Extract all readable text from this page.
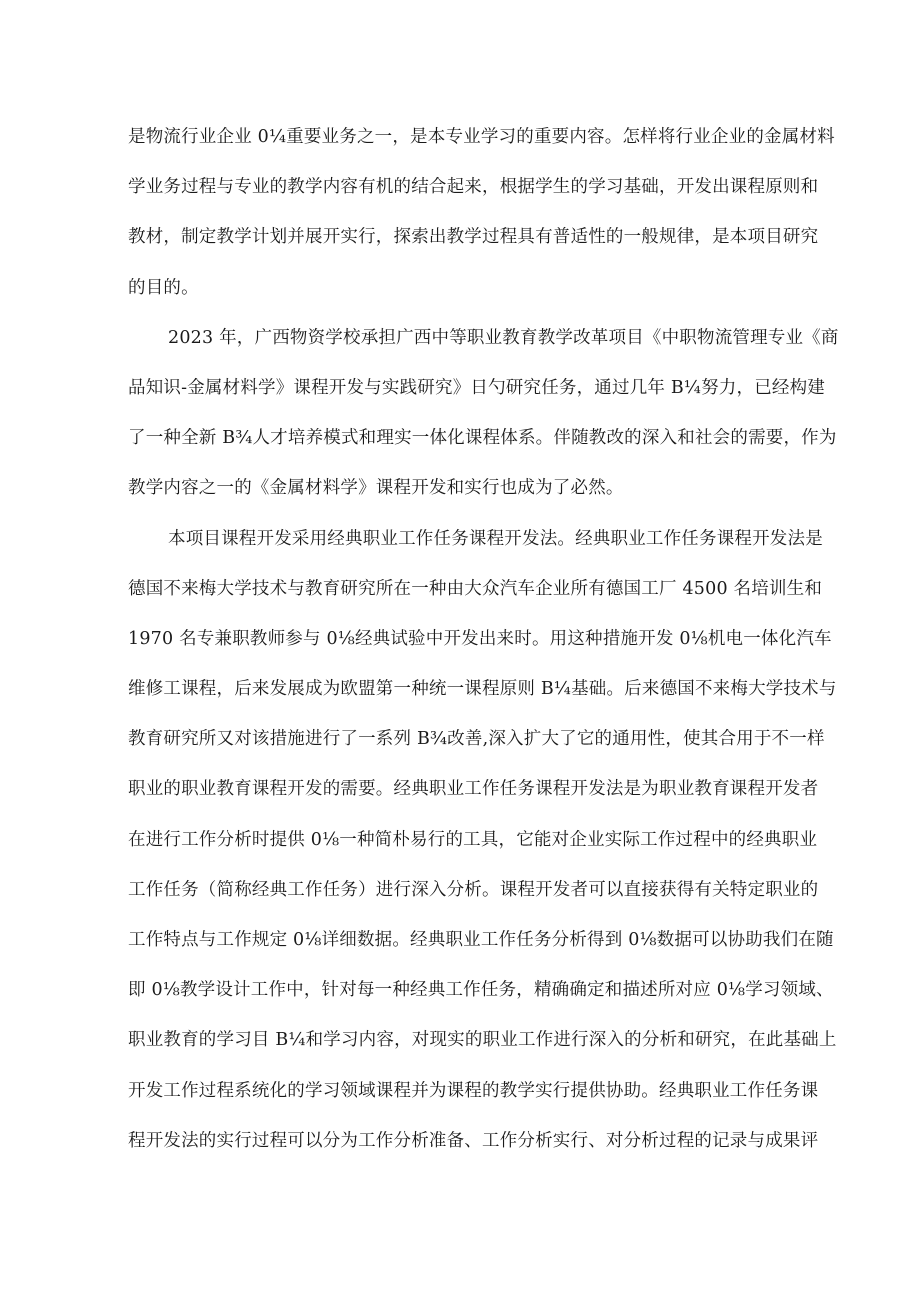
是物流行业企业 0¼重要业务之一，是本专业学习的重要内容。怎样将行业企业的金属材料
学业务过程与专业的教学内容有机的结合起来，根据学生的学习基础，开发出课程原则和
教材，制定教学计划并展开实行，探索出教学过程具有普适性的一般规律，是本项目研究
的目的。
2023 年，广西物资学校承担广西中等职业教育教学改革项目《中职物流管理专业《商
品知识-金属材料学》课程开发与实践研究》日勺研究任务，通过几年 B¼努力，已经构建
了一种全新 B¾人才培养模式和理实一体化课程体系。伴随教改的深入和社会的需要，作为
教学内容之一的《金属材料学》课程开发和实行也成为了必然。
本项目课程开发采用经典职业工作任务课程开发法。经典职业工作任务课程开发法是
德国不来梅大学技术与教育研究所在一种由大众汽车企业所有德国工厂 4500 名培训生和
1970 名专兼职教师参与 0⅛经典试验中开发出来时。用这种措施开发 0⅛机电一体化汽车
维修工课程，后来发展成为欧盟第一种统一课程原则 B¼基础。后来德国不来梅大学技术与
教育研究所又对该措施进行了一系列 B¾改善,深入扩大了它的通用性，使其合用于不一样
职业的职业教育课程开发的需要。经典职业工作任务课程开发法是为职业教育课程开发者
在进行工作分析时提供 0⅛一种简朴易行的工具，它能对企业实际工作过程中的经典职业
工作任务（简称经典工作任务）进行深入分析。课程开发者可以直接获得有关特定职业的
工作特点与工作规定 0⅛详细数据。经典职业工作任务分析得到 0⅛数据可以协助我们在随
即 0⅛教学设计工作中，针对每一种经典工作任务，精确确定和描述所对应 0⅛学习领域、
职业教育的学习目 B¼和学习内容，对现实的职业工作进行深入的分析和研究，在此基础上
开发工作过程系统化的学习领域课程并为课程的教学实行提供协助。经典职业工作任务课
程开发法的实行过程可以分为工作分析准备、工作分析实行、对分析过程的记录与成果评
